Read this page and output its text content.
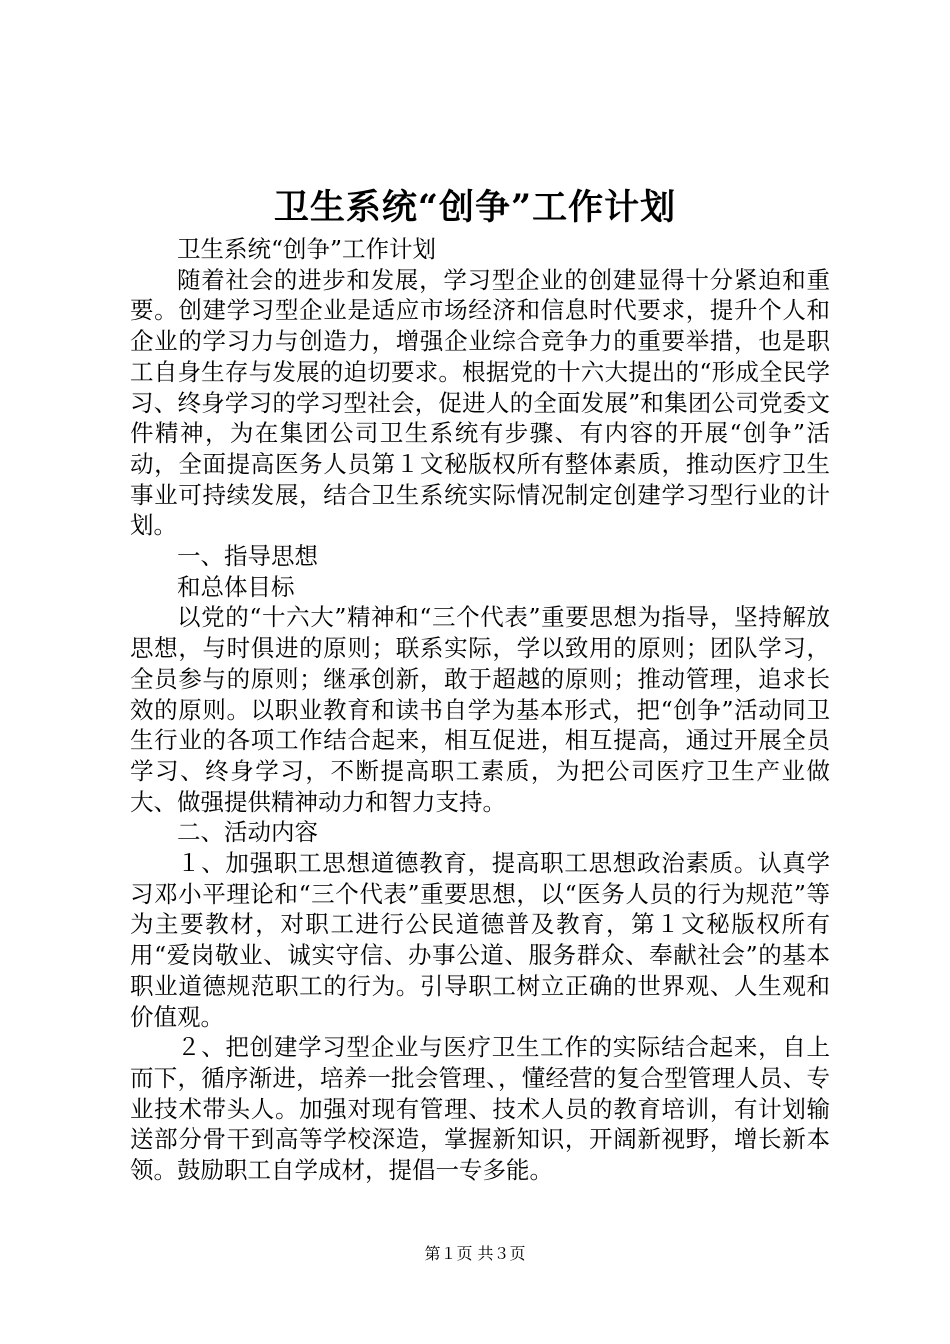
卫生系统“创争”工作计划

卫生系统“创争”工作计划

随着社会的进步和发展，学习型企业的创建显得十分紧迫和重要。创建学习型企业是适应市场经济和信息时代要求，提升个人和企业的学习力与创造力，增强企业综合竞争力的重要举措，也是职工自身生存与发展的迫切要求。根据党的十六大提出的“形成全民学习、终身学习的学习型社会，促进人的全面发展”和集团公司党委文件精神，为在集团公司卫生系统有步骤、有内容的开展“创争”活动，全面提高医务人员第１文秘版权所有整体素质，推动医疗卫生事业可持续发展，结合卫生系统实际情况制定创建学习型行业的计划。

一、指导思想

和总体目标

以党的“十六大”精神和“三个代表”重要思想为指导，坚持解放思想，与时俱进的原则；联系实际，学以致用的原则；团队学习，全员参与的原则；继承创新，敢于超越的原则；推动管理，追求长效的原则。以职业教育和读书自学为基本形式，把“创争”活动同卫生行业的各项工作结合起来，相互促进，相互提高，通过开展全员学习、终身学习，不断提高职工素质，为把公司医疗卫生产业做大、做强提供精神动力和智力支持。

二、活动内容

１、加强职工思想道德教育，提高职工思想政治素质。认真学习邓小平理论和“三个代表”重要思想，以“医务人员的行为规范”等为主要教材，对职工进行公民道德普及教育，第１文秘版权所有用“爱岗敬业、诚实守信、办事公道、服务群众、奉献社会”的基本职业道德规范职工的行为。引导职工树立正确的世界观、人生观和价值观。

２、把创建学习型企业与医疗卫生工作的实际结合起来，自上而下，循序渐进，培养一批会管理、，懂经营的复合型管理人员、专业技术带头人。加强对现有管理、技术人员的教育培训，有计划输送部分骨干到高等学校深造，掌握新知识，开阔新视野，增长新本领。鼓励职工自学成材，提倡一专多能。

第１页 共３页
